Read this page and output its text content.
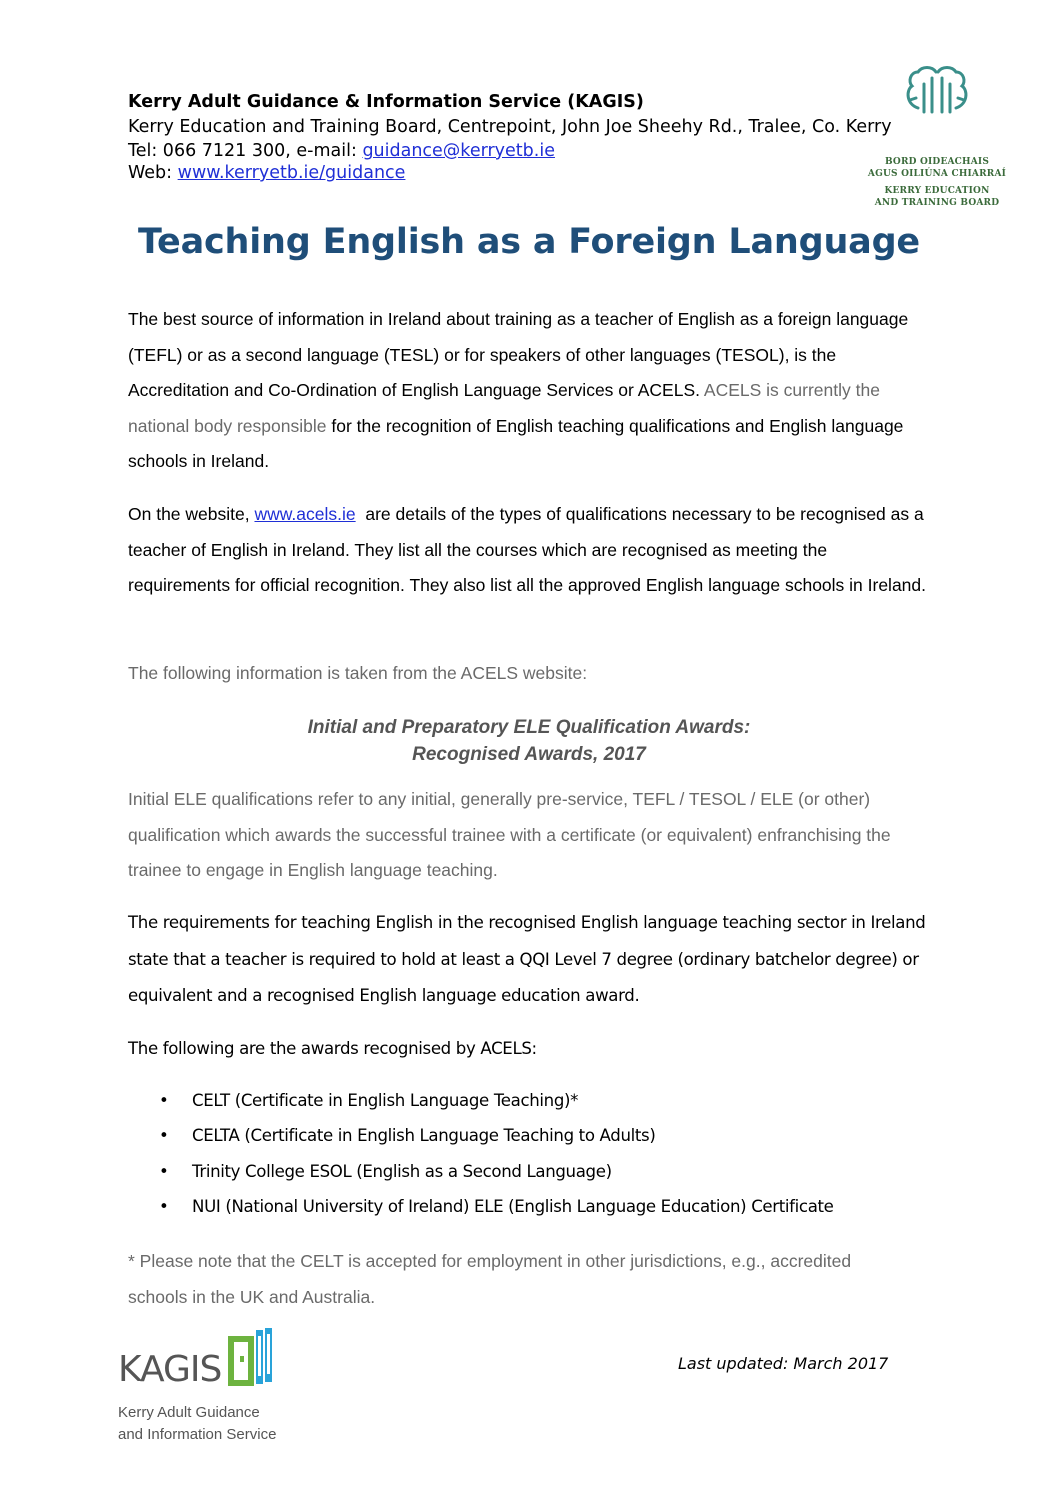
Kerry Adult Guidance & Information Service (KAGIS)
Kerry Education and Training Board, Centrepoint, John Joe Sheehy Rd., Tralee, Co. Kerry
Tel: 066 7121 300, e-mail: guidance@kerryetb.ie
Web: www.kerryetb.ie/guidance
BORD OIDEACHAIS
AGUS OILIÚNA CHIARRAÍ
KERRY EDUCATION
AND TRAINING BOARD
Teaching English as a Foreign Language
The best source of information in Ireland about training as a teacher of English as a foreign language (TEFL) or as a second language (TESL) or for speakers of other languages (TESOL), is the Accreditation and Co-Ordination of English Language Services or ACELS. ACELS is currently the national body responsible for the recognition of English teaching qualifications and English language schools in Ireland.
On the website, www.acels.ie  are details of the types of qualifications necessary to be recognised as a teacher of English in Ireland. They list all the courses which are recognised as meeting the requirements for official recognition. They also list all the approved English language schools in Ireland.
The following information is taken from the ACELS website:
Initial and Preparatory ELE Qualification Awards:
Recognised Awards, 2017
Initial ELE qualifications refer to any initial, generally pre-service, TEFL / TESOL / ELE (or other) qualification which awards the successful trainee with a certificate (or equivalent) enfranchising the trainee to engage in English language teaching.
The requirements for teaching English in the recognised English language teaching sector in Ireland state that a teacher is required to hold at least a QQI Level 7 degree (ordinary batchelor degree) or equivalent and a recognised English language education award.
The following are the awards recognised by ACELS:
• CELT (Certificate in English Language Teaching)*
• CELTA (Certificate in English Language Teaching to Adults)
• Trinity College ESOL (English as a Second Language)
• NUI (National University of Ireland) ELE (English Language Education) Certificate
* Please note that the CELT is accepted for employment in other jurisdictions, e.g., accredited schools in the UK and Australia.
KAGIS
Kerry Adult Guidance
and Information Service
Last updated: March 2017
